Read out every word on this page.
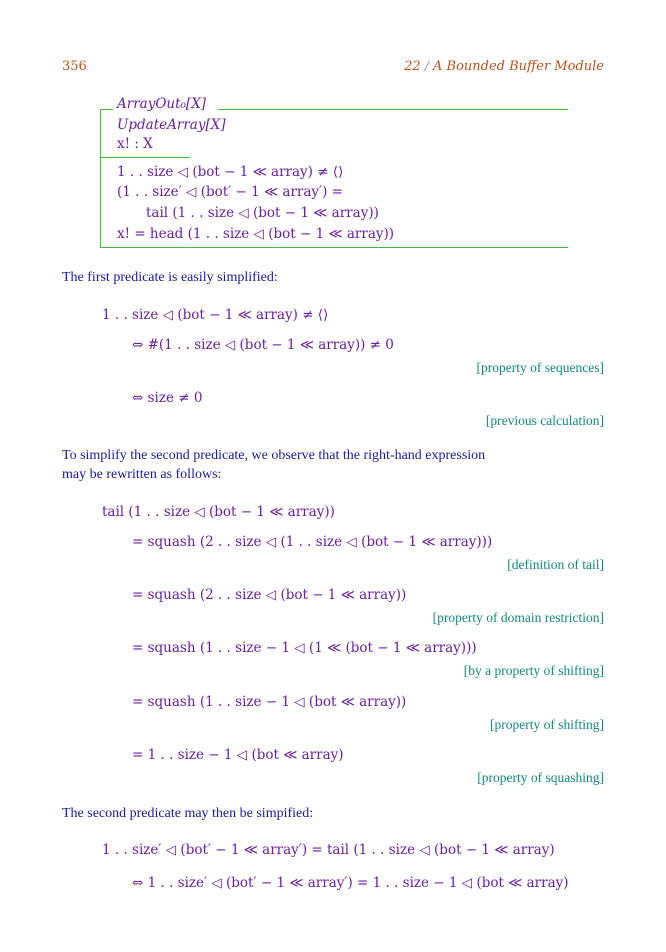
356	22 / A Bounded Buffer Module
ArrayOut₀[X]
UpdateArray[X]
x! : X
1 . . size ◁ (bot − 1 ≪ array) ≠ ⟨⟩
(1 . . size′ ◁ (bot′ − 1 ≪ array′) =
tail (1 . . size ◁ (bot − 1 ≪ array))
x! = head (1 . . size ◁ (bot − 1 ≪ array))
The first predicate is easily simplified:
1 . . size ◁ (bot − 1 ≪ array) ≠ ⟨⟩
⇔ #(1 . . size ◁ (bot − 1 ≪ array)) ≠ 0
[property of sequences]
⇔ size ≠ 0
[previous calculation]
To simplify the second predicate, we observe that the right-hand expression
may be rewritten as follows:
tail (1 . . size ◁ (bot − 1 ≪ array))
= squash (2 . . size ◁ (1 . . size ◁ (bot − 1 ≪ array)))
[definition of tail]
= squash (2 . . size ◁ (bot − 1 ≪ array))
[property of domain restriction]
= squash (1 . . size − 1 ◁ (1 ≪ (bot − 1 ≪ array)))
[by a property of shifting]
= squash (1 . . size − 1 ◁ (bot ≪ array))
[property of shifting]
= 1 . . size − 1 ◁ (bot ≪ array)
[property of squashing]
The second predicate may then be simpified:
1 . . size′ ◁ (bot′ − 1 ≪ array′) = tail (1 . . size ◁ (bot − 1 ≪ array)
⇔ 1 . . size′ ◁ (bot′ − 1 ≪ array′) = 1 . . size − 1 ◁ (bot ≪ array)
